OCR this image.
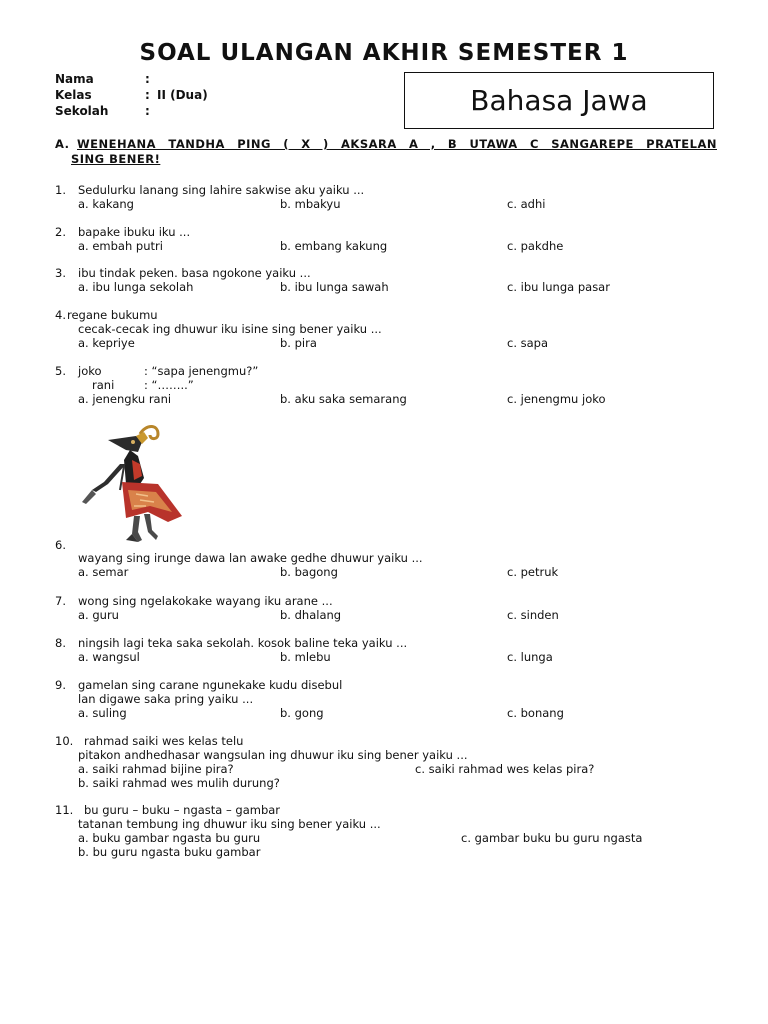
SOAL ULANGAN AKHIR SEMESTER 1
Nama	:
Kelas	: II (Dua)
Sekolah	:	Bahasa Jawa
A. WENEHANA TANDHA PING ( X ) AKSARA A , B UTAWA C SANGAREPE PRATELAN
SING BENER!
1. Sedulurku lanang sing lahire sakwise aku yaiku ...
a. kakang	b. mbakyu	c. adhi
2. bapake ibuku iku ...
a. embah putri	b. embang kakung	c. pakdhe
3. ibu tindak peken. basa ngokone yaiku ...
a. ibu lunga sekolah	b. ibu lunga sawah	c. ibu lunga pasar
4. regane bukumu
cecak-cecak ing dhuwur iku isine sing bener yaiku ...
a. kepriye	b. pira	c. sapa
5. joko	: “sapa jenengmu?”
rani	: “……..”
a. jenengku rani	b. aku saka semarang	c. jenengmu joko
6.
wayang sing irunge dawa lan awake gedhe dhuwur yaiku ...
a. semar	b. bagong	c. petruk
7. wong sing ngelakokake wayang iku arane ...
a. guru	b. dhalang	c. sinden
8. ningsih lagi teka saka sekolah. kosok baline teka yaiku ...
a. wangsul	b. mlebu	c. lunga
9. gamelan sing carane ngunekake kudu disebul
lan digawe saka pring yaiku ...
a. suling	b. gong	c. bonang
10. rahmad saiki wes kelas telu
pitakon andhedhasar wangsulan ing dhuwur iku sing bener yaiku ...
a. saiki rahmad bijine pira?	c. saiki rahmad wes kelas pira?
b. saiki rahmad wes mulih durung?
11. bu guru – buku – ngasta – gambar
tatanan tembung ing dhuwur iku sing bener yaiku ...
a. buku gambar ngasta bu guru	c. gambar buku bu guru ngasta
b. bu guru ngasta buku gambar
